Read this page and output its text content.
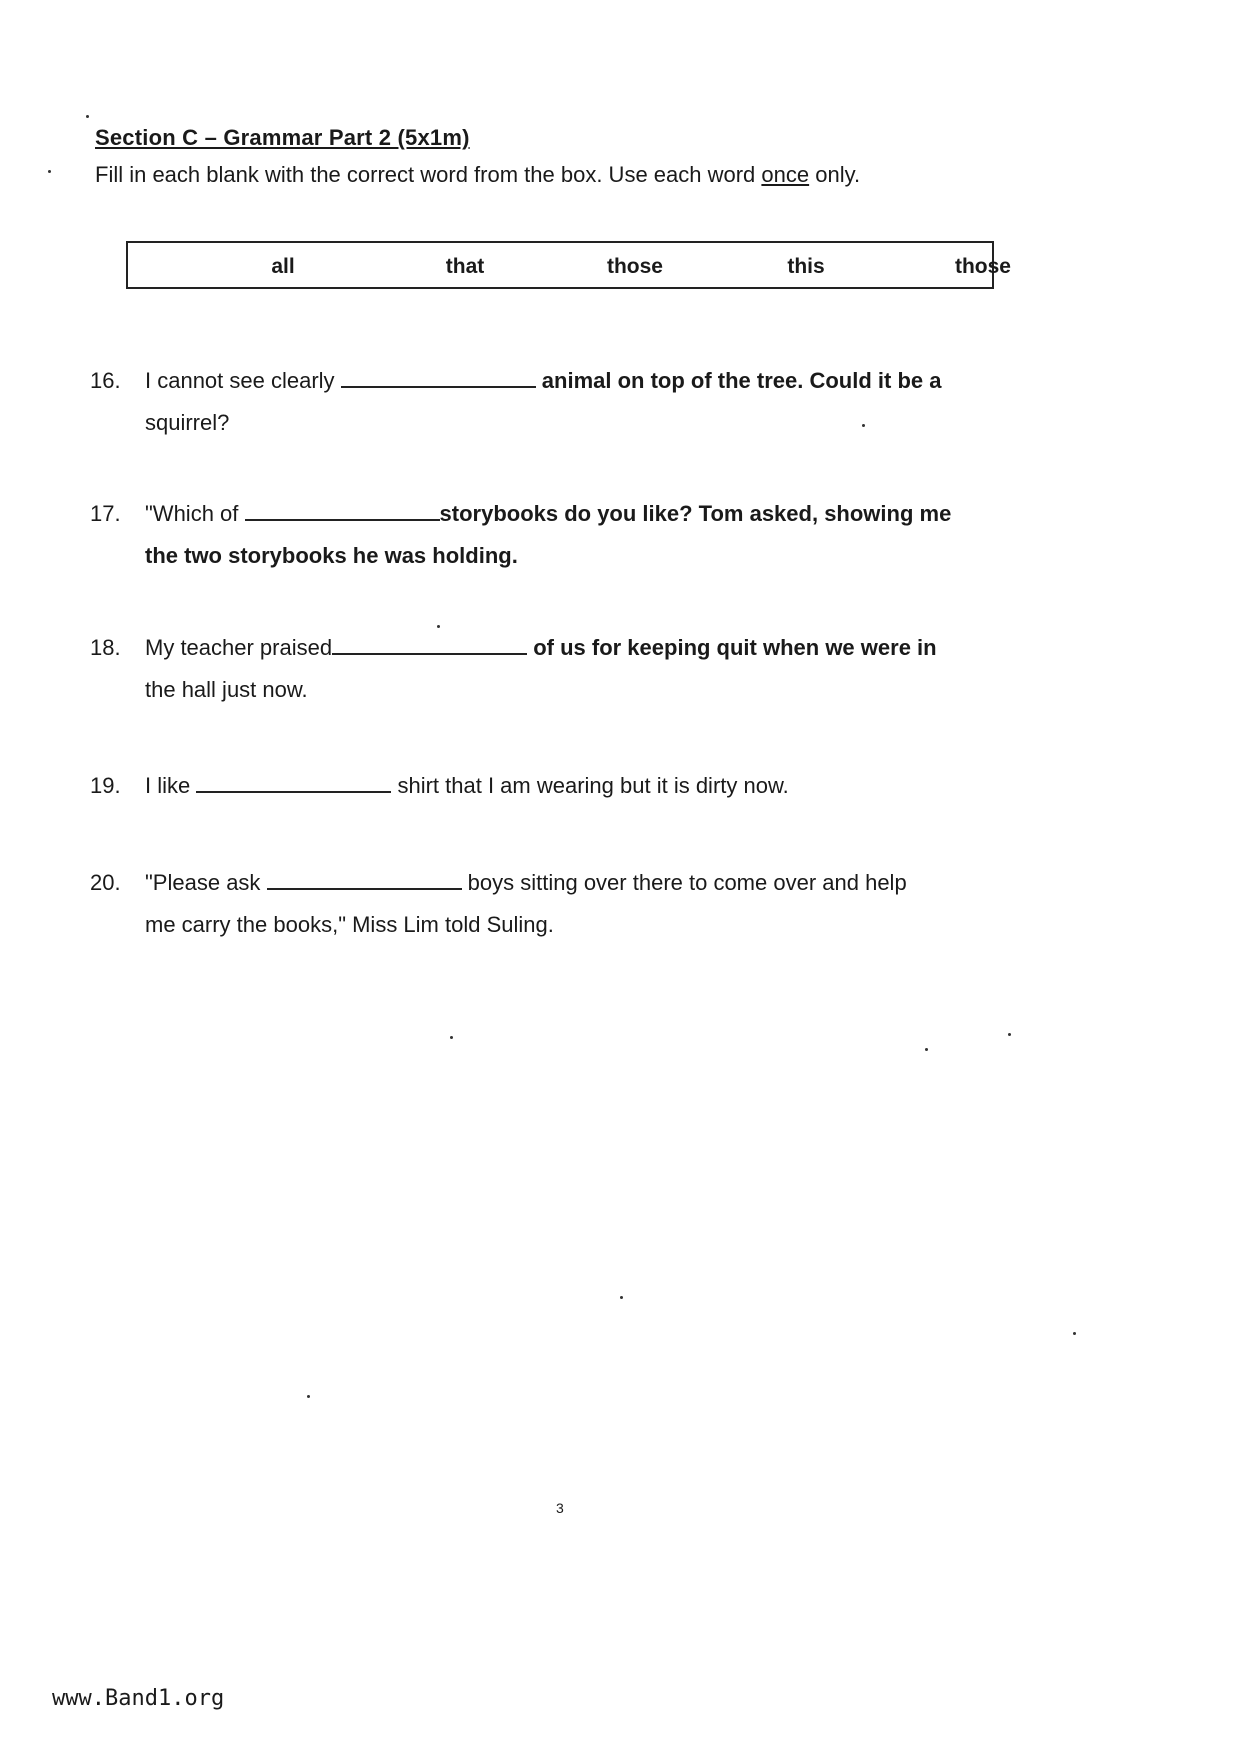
Section C – Grammar Part 2 (5x1m)
Fill in each blank with the correct word from the box. Use each word once only.
all	that	those	this	those
16. I cannot see clearly	animal on top of the tree. Could it be a
squirrel?
17. "Which of	storybooks do you like? Tom asked, showing me
the two storybooks he was holding.
18. My teacher praised	of us for keeping quit when we were in
the hall just now.
19. I like	shirt that I am wearing but it is dirty now.
20. "Please ask	boys sitting over there to come over and help
me carry the books," Miss Lim told Suling.
3
www.Band1.org
